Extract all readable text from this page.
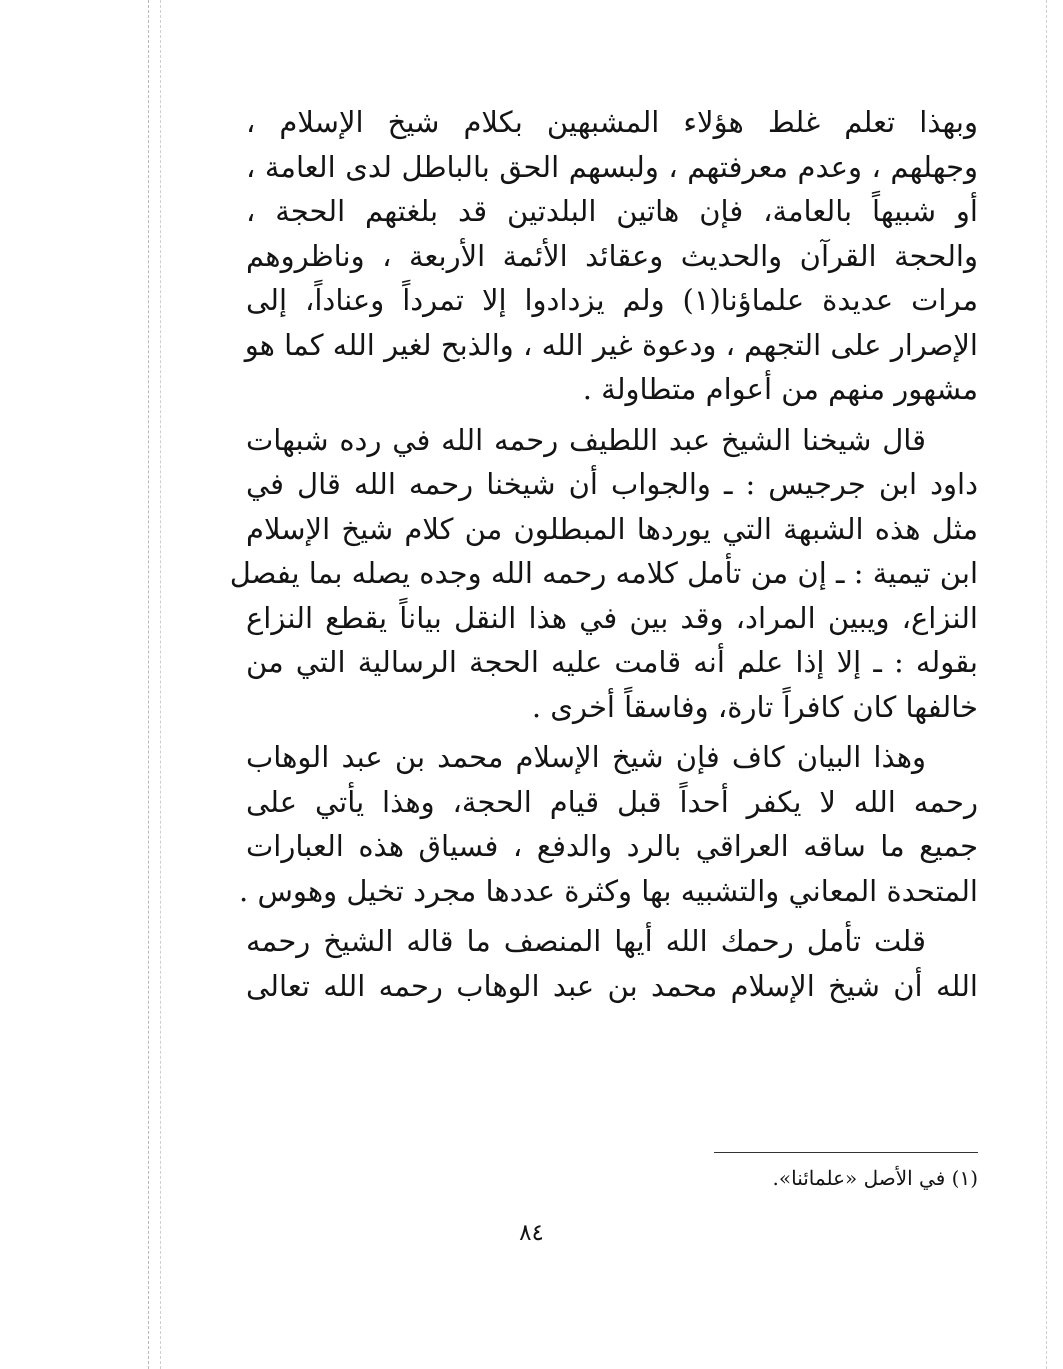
وبهذا تعلم غلط هؤلاء المشبهين بكلام شيخ الإسلام ،
وجهلهم ، وعدم معرفتهم ، ولبسهم الحق بالباطل لدى العامة ،
أو شبيهاً بالعامة، فإن هاتين البلدتين قد بلغتهم الحجة ،
والحجة القرآن والحديث وعقائد الأئمة الأربعة ، وناظروهم
مرات عديدة علماؤنا(١) ولم يزدادوا إلا تمرداً وعناداً، إلى
الإصرار على التجهم ، ودعوة غير الله ، والذبح لغير الله كما هو
مشهور منهم من أعوام متطاولة .

قال شيخنا الشيخ عبد اللطيف رحمه الله في رده شبهات
داود ابن جرجيس : ـ والجواب أن شيخنا رحمه الله قال في
مثل هذه الشبهة التي يوردها المبطلون من كلام شيخ الإسلام
ابن تيمية : ـ إن من تأمل كلامه رحمه الله وجده يصله بما يفصل
النزاع، ويبين المراد، وقد بين في هذا النقل بياناً يقطع النزاع
بقوله : ـ إلا إذا علم أنه قامت عليه الحجة الرسالية التي من
خالفها كان كافراً تارة، وفاسقاً أخرى .

وهذا البيان كاف فإن شيخ الإسلام محمد بن عبد الوهاب
رحمه الله لا يكفر أحداً قبل قيام الحجة، وهذا يأتي على
جميع ما ساقه العراقي بالرد والدفع ، فسياق هذه العبارات
المتحدة المعاني والتشبيه بها وكثرة عددها مجرد تخيل وهوس .

قلت تأمل رحمك الله أيها المنصف ما قاله الشيخ رحمه
الله أن شيخ الإسلام محمد بن عبد الوهاب رحمه الله تعالى

(١) في الأصل «علمائنا».
٨٤
